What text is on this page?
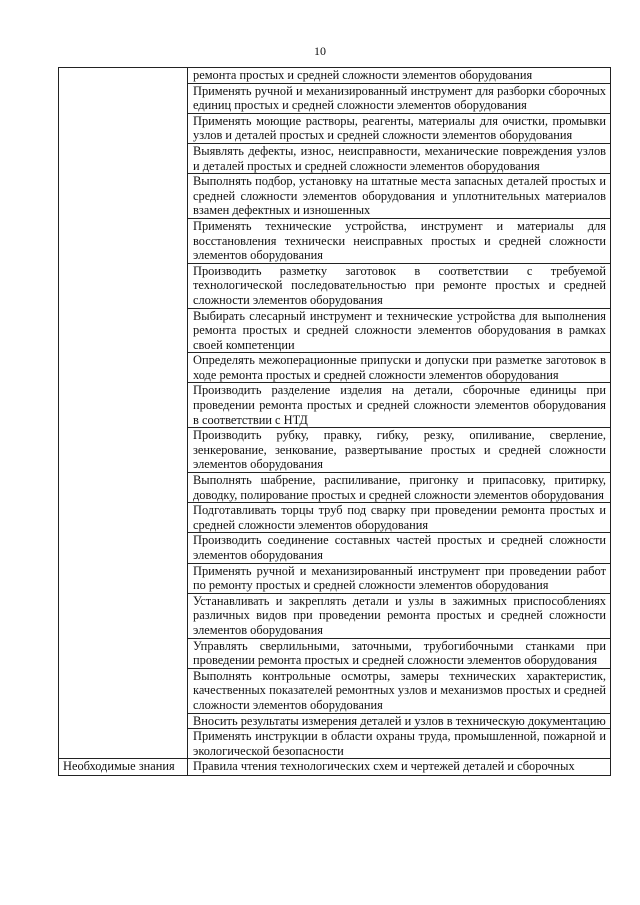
10
	ремонта простых и средней сложности элементов оборудования
	Применять ручной и механизированный инструмент для разборки сборочных единиц простых и средней сложности элементов оборудования
	Применять моющие растворы, реагенты, материалы для очистки, промывки узлов и деталей простых и средней сложности элементов оборудования
	Выявлять дефекты, износ, неисправности, механические повреждения узлов и деталей простых и средней сложности элементов оборудования
	Выполнять подбор, установку на штатные места запасных деталей простых и средней сложности элементов оборудования и уплотнительных материалов взамен дефектных и изношенных
	Применять технические устройства, инструмент и материалы для восстановления технически неисправных простых и средней сложности элементов оборудования
	Производить разметку заготовок в соответствии с требуемой технологической последовательностью при ремонте простых и средней сложности элементов оборудования
	Выбирать слесарный инструмент и технические устройства для выполнения ремонта простых и средней сложности элементов оборудования в рамках своей компетенции
	Определять межоперационные припуски и допуски при разметке заготовок в ходе ремонта простых и средней сложности элементов оборудования
	Производить разделение изделия на детали, сборочные единицы при проведении ремонта простых и средней сложности элементов оборудования в соответствии с НТД
	Производить рубку, правку, гибку, резку, опиливание, сверление, зенкерование, зенкование, развертывание простых и средней сложности элементов оборудования
	Выполнять шабрение, распиливание, пригонку и припасовку, притирку, доводку, полирование простых и средней сложности элементов оборудования
	Подготавливать торцы труб под сварку при проведении ремонта простых и средней сложности элементов оборудования
	Производить соединение составных частей простых и средней сложности элементов оборудования
	Применять ручной и механизированный инструмент при проведении работ по ремонту простых и средней сложности элементов оборудования
	Устанавливать и закреплять детали и узлы в зажимных приспособлениях различных видов при проведении ремонта простых и средней сложности элементов оборудования
	Управлять сверлильными, заточными, трубогибочными станками при проведении ремонта простых и средней сложности элементов оборудования
	Выполнять контрольные осмотры, замеры технических характеристик, качественных показателей ремонтных узлов и механизмов простых и средней сложности элементов оборудования
	Вносить результаты измерения деталей и узлов в техническую документацию
	Применять инструкции в области охраны труда, промышленной, пожарной и экологической безопасности
Необходимые знания	Правила чтения технологических схем и чертежей деталей и сборочных
